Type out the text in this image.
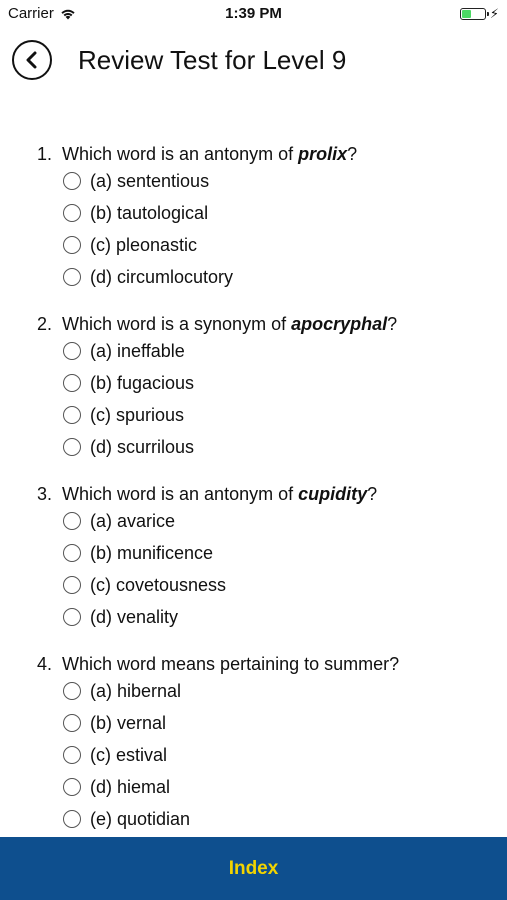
Carrier	1:39 PM	⚡
Review Test for Level 9
1. Which word is an antonym of prolix ?
(a) sententious
(b) tautological
(c) pleonastic
(d) circumlocutory
2. Which word is a synonym of apocryphal ?
(a) ineffable
(b) fugacious
(c) spurious
(d) scurrilous
3. Which word is an antonym of cupidity ?
(a) avarice
(b) munificence
(c) covetousness
(d) venality
4. Which word means pertaining to summer?
(a) hibernal
(b) vernal
(c) estival
(d) hiemal
(e) quotidian
Index
